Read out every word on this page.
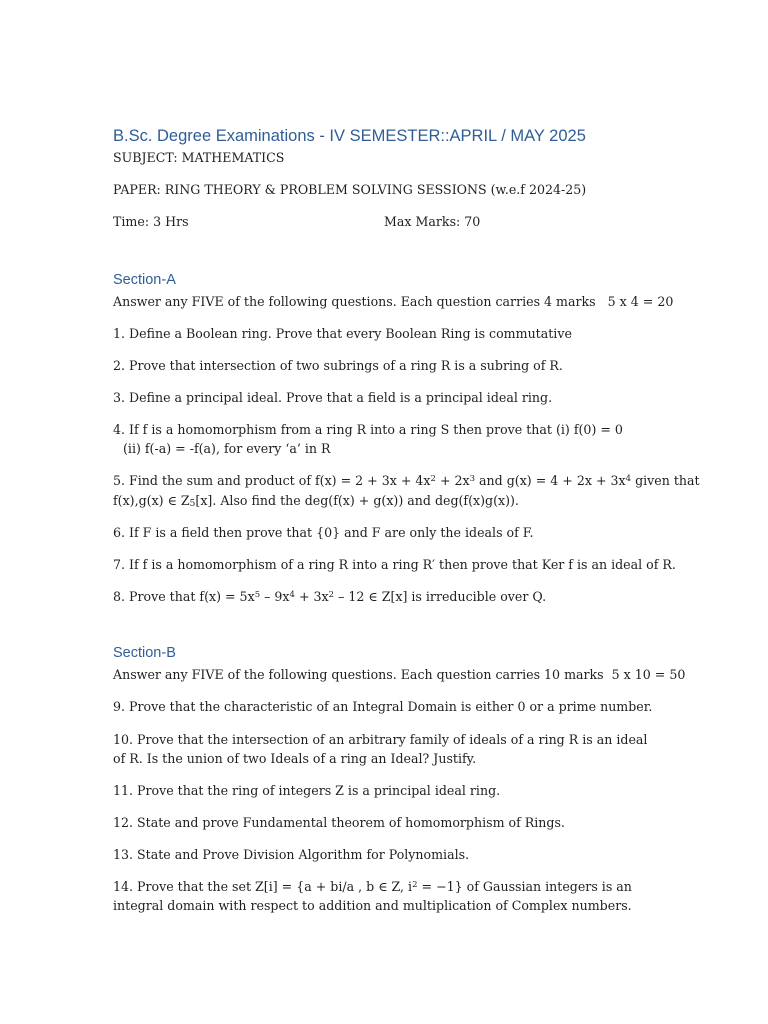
B.Sc. Degree Examinations - IV SEMESTER::APRIL / MAY 2025
SUBJECT: MATHEMATICS
PAPER: RING THEORY & PROBLEM SOLVING SESSIONS (w.e.f 2024-25)
Time: 3 Hrs	Max Marks: 70
Section-A
Answer any FIVE of the following questions. Each question carries 4 marks 5 x 4 = 20
1. Define a Boolean ring. Prove that every Boolean Ring is commutative
2. Prove that intersection of two subrings of a ring R is a subring of R.
3. Define a principal ideal. Prove that a field is a principal ideal ring.
4. If f is a homomorphism from a ring R into a ring S then prove that (i) f(0) = 0
(ii) f(-a) = -f(a), for every ‘a’ in R
5. Find the sum and product of $f(x) = 2 + 3x + 4x^2 + 2x^3$ and $g(x) = 4 + 2x + 3x^4$ given that
f(x),g(x) ∈ Z5[x]. Also find the deg(f(x) + g(x)) and deg(f(x)g(x)).
6. If F is a field then prove that {0} and F are only the ideals of F.
7. If f is a homomorphism of a ring R into a ring R′ then prove that Ker f is an ideal of R.
8. Prove that $f(x) = 5x^5 - 9x^4 + 3x^2 - 12$ ∈ Z[x] is irreducible over Q.
Section-B
Answer any FIVE of the following questions. Each question carries 10 marks 5 x 10 = 50
9. Prove that the characteristic of an Integral Domain is either 0 or a prime number.
10. Prove that the intersection of an arbitrary family of ideals of a ring R is an ideal of R. Is the union of two Ideals of a ring an Ideal? Justify.
11. Prove that the ring of integers Z is a principal ideal ring.
12. State and prove Fundamental theorem of homomorphism of Rings.
13. State and Prove Division Algorithm for Polynomials.
14. Prove that the set Z[i] = {a + bi/a , b ∈ Z, $i^2 = -1$} of Gaussian integers is an integral domain with respect to addition and multiplication of Complex numbers.
